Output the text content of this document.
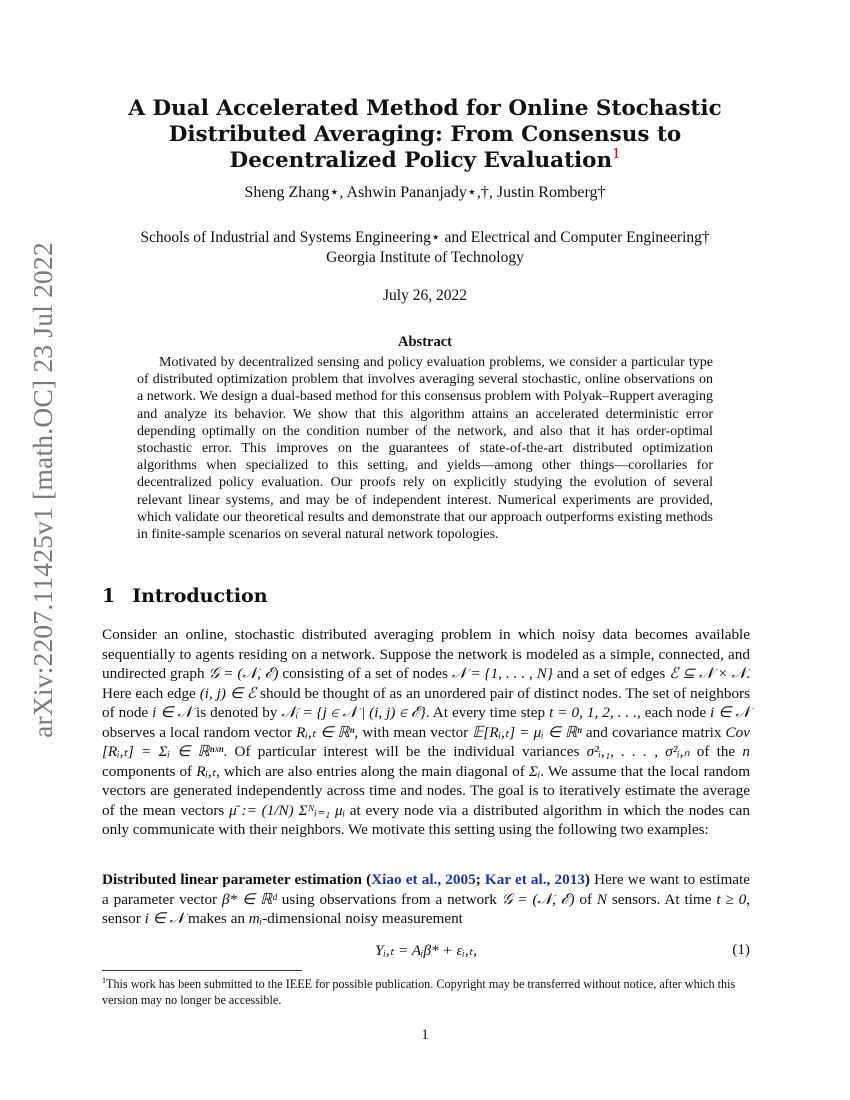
arXiv:2207.11425v1 [math.OC] 23 Jul 2022
A Dual Accelerated Method for Online Stochastic
Distributed Averaging: From Consensus to
Decentralized Policy Evaluation$^1$
Sheng Zhang⋆, Ashwin Pananjady⋆,†, Justin Romberg†
Schools of Industrial and Systems Engineering⋆ and Electrical and Computer Engineering†
Georgia Institute of Technology
July 26, 2022
Abstract
Motivated by decentralized sensing and policy evaluation problems, we consider a particular type of distributed optimization problem that involves averaging several stochastic, online observations on a network. We design a dual-based method for this consensus problem with Polyak–Ruppert averaging and analyze its behavior. We show that this algorithm attains an accelerated deterministic error depending optimally on the condition number of the network, and also that it has order-optimal stochastic error. This improves on the guarantees of state-of-the-art distributed optimization algorithms when specialized to this setting, and yields—among other things—corollaries for decentralized policy evaluation. Our proofs rely on explicitly studying the evolution of several relevant linear systems, and may be of independent interest. Numerical experiments are provided, which validate our theoretical results and demonstrate that our approach outperforms existing methods in finite-sample scenarios on several natural network topologies.
1 Introduction
Consider an online, stochastic distributed averaging problem in which noisy data becomes available sequentially to agents residing on a network. Suppose the network is modeled as a simple, connected, and undirected graph 𝒢 = (𝒩, ℰ) consisting of a set of nodes 𝒩 = {1, . . . , N} and a set of edges ℰ ⊆ 𝒩 × 𝒩. Here each edge (i, j) ∈ ℰ should be thought of as an unordered pair of distinct nodes. The set of neighbors of node i ∈ 𝒩 is denoted by 𝒩ᵢ = {j ∈ 𝒩 | (i, j) ∈ ℰ}. At every time step t = 0, 1, 2, . . ., each node i ∈ 𝒩 observes a local random vector Rᵢ,ₜ ∈ ℝⁿ, with mean vector 𝔼[Rᵢ,ₜ] = μᵢ ∈ ℝⁿ and covariance matrix Cov [Rᵢ,ₜ] = Σᵢ ∈ ℝⁿˣⁿ. Of particular interest will be the individual variances σ²ᵢ,₁, . . . , σ²ᵢ,ₙ of the n components of Rᵢ,ₜ, which are also entries along the main diagonal of Σᵢ. We assume that the local random vectors are generated independently across time and nodes. The goal is to iteratively estimate the average of the mean vectors μ̄ := (1/N) Σᴺᵢ₌₁ μᵢ at every node via a distributed algorithm in which the nodes can only communicate with their neighbors. We motivate this setting using the following two examples:
Distributed linear parameter estimation (Xiao et al., 2005; Kar et al., 2013) Here we want to estimate a parameter vector β* ∈ ℝᵈ using observations from a network 𝒢 = (𝒩, ℰ) of N sensors. At time t ≥ 0, sensor i ∈ 𝒩 makes an mᵢ-dimensional noisy measurement
Yᵢ,ₜ = Aᵢβ* + εᵢ,ₜ,	(1)
$^1$This work has been submitted to the IEEE for possible publication. Copyright may be transferred without notice, after which this version may no longer be accessible.
1
